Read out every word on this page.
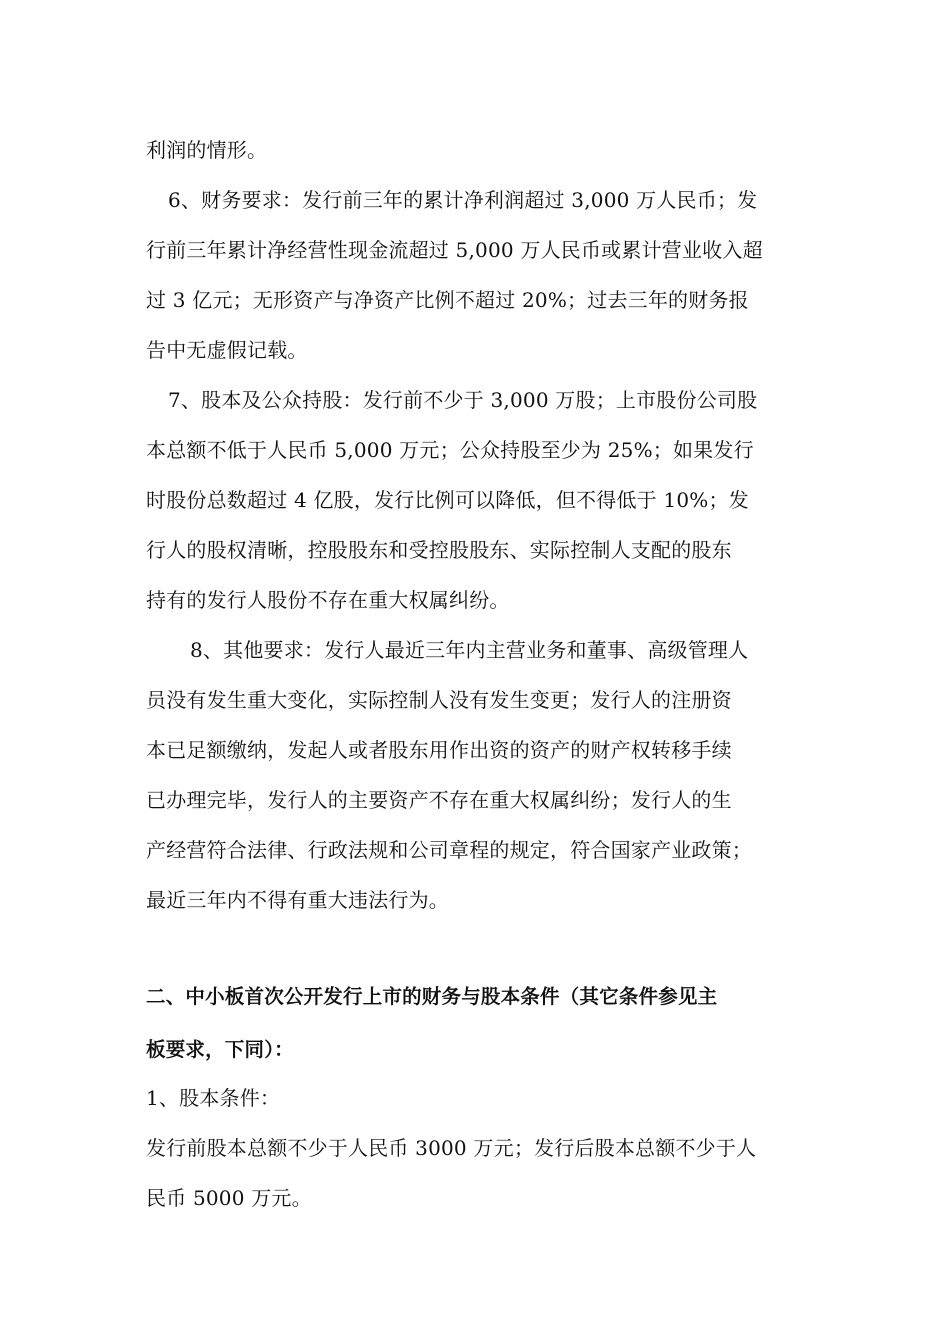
利润的情形。
6、财务要求：发行前三年的累计净利润超过 3,000 万人民币；发
行前三年累计净经营性现金流超过 5,000 万人民币或累计营业收入超
过 3 亿元；无形资产与净资产比例不超过 20%；过去三年的财务报
告中无虚假记载。
7、股本及公众持股：发行前不少于 3,000 万股；上市股份公司股
本总额不低于人民币 5,000 万元；公众持股至少为 25%；如果发行
时股份总数超过 4 亿股，发行比例可以降低，但不得低于 10%；发
行人的股权清晰，控股股东和受控股股东、实际控制人支配的股东
持有的发行人股份不存在重大权属纠纷。
8、其他要求：发行人最近三年内主营业务和董事、高级管理人
员没有发生重大变化，实际控制人没有发生变更；发行人的注册资
本已足额缴纳，发起人或者股东用作出资的资产的财产权转移手续
已办理完毕，发行人的主要资产不存在重大权属纠纷；发行人的生
产经营符合法律、行政法规和公司章程的规定，符合国家产业政策；
最近三年内不得有重大违法行为。
二、中小板首次公开发行上市的财务与股本条件（其它条件参见主
板要求，下同）：
1、股本条件：
发行前股本总额不少于人民币 3000 万元；发行后股本总额不少于人
民币 5000 万元。
